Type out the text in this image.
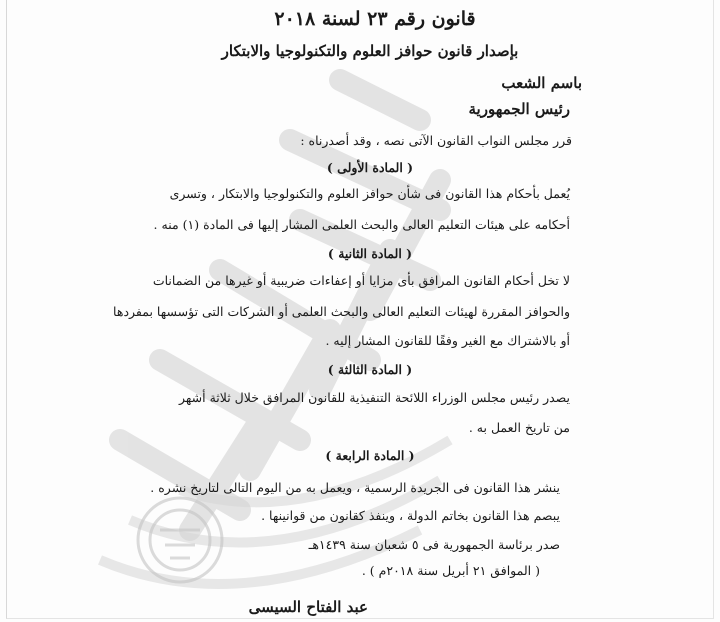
قانون رقم ٢٣ لسنة ٢٠١٨
بإصدار قانون حوافز العلوم والتكنولوجيا والابتكار
باسم الشعب
رئيس الجمهورية
قرر مجلس النواب القانون الآتى نصه ، وقد أصدرناه :
( المادة الأولى )
يُعمل بأحكام هذا القانون فى شأن حوافز العلوم والتكنولوجيا والابتكار ، وتسرى
أحكامه على هيئات التعليم العالى والبحث العلمى المشار إليها فى المادة (١) منه .
( المادة الثانية )
لا تخل أحكام القانون المرافق بأى مزايا أو إعفاءات ضريبية أو غيرها من الضمانات
والحوافز المقررة لهيئات التعليم العالى والبحث العلمى أو الشركات التى تؤسسها بمفردها
أو بالاشتراك مع الغير وفقًا للقانون المشار إليه .
( المادة الثالثة )
يصدر رئيس مجلس الوزراء اللائحة التنفيذية للقانون المرافق خلال ثلاثة أشهر
من تاريخ العمل به .
( المادة الرابعة )
ينشر هذا القانون فى الجريدة الرسمية ، ويعمل به من اليوم التالى لتاريخ نشره .
يبصم هذا القانون بخاتم الدولة ، وينفذ كقانون من قوانينها .
صدر برئاسة الجمهورية فى ٥ شعبان سنة ١٤٣٩هـ
( الموافق ٢١ أبريل سنة ٢٠١٨م ) .
عبد الفتاح السيسى
